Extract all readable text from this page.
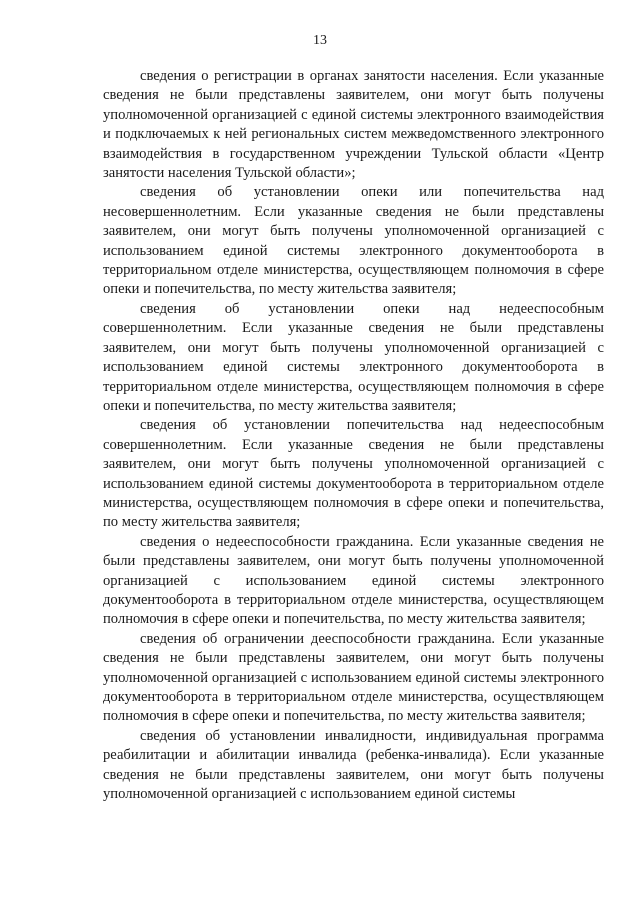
13

сведения о регистрации в органах занятости населения. Если указанные сведения не были представлены заявителем, они могут быть получены уполномоченной организацией с единой системы электронного взаимодействия и подключаемых к ней региональных систем межведомственного электронного взаимодействия в государственном учреждении Тульской области «Центр занятости населения Тульской области»;

сведения об установлении опеки или попечительства над несовершеннолетним. Если указанные сведения не были представлены заявителем, они могут быть получены уполномоченной организацией с использованием единой системы электронного документооборота в территориальном отделе министерства, осуществляющем полномочия в сфере опеки и попечительства, по месту жительства заявителя;

сведения об установлении опеки над недееспособным совершеннолетним. Если указанные сведения не были представлены заявителем, они могут быть получены уполномоченной организацией с использованием единой системы электронного документооборота в территориальном отделе министерства, осуществляющем полномочия в сфере опеки и попечительства, по месту жительства заявителя;

сведения об установлении попечительства над недееспособным совершеннолетним. Если указанные сведения не были представлены заявителем, они могут быть получены уполномоченной организацией с использованием единой системы документооборота в территориальном отделе министерства, осуществляющем полномочия в сфере опеки и попечительства, по месту жительства заявителя;

сведения о недееспособности гражданина. Если указанные сведения не были представлены заявителем, они могут быть получены уполномоченной организацией с использованием единой системы электронного документооборота в территориальном отделе министерства, осуществляющем полномочия в сфере опеки и попечительства, по месту жительства заявителя;

сведения об ограничении дееспособности гражданина. Если указанные сведения не были представлены заявителем, они могут быть получены уполномоченной организацией с использованием единой системы электронного документооборота в территориальном отделе министерства, осуществляющем полномочия в сфере опеки и попечительства, по месту жительства заявителя;

сведения об установлении инвалидности, индивидуальная программа реабилитации и абилитации инвалида (ребенка-инвалида). Если указанные сведения не были представлены заявителем, они могут быть получены уполномоченной организацией с использованием единой системы
